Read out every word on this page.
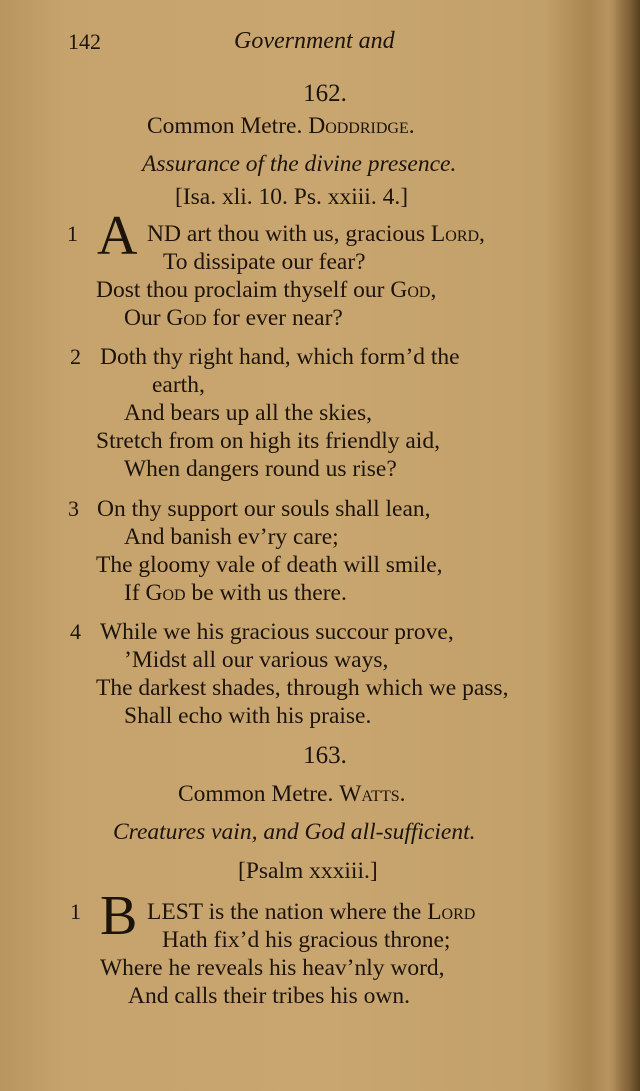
142	Government and
162.
Common Metre. Doddridge.
Assurance of the divine presence.
[Isa. xli. 10. Ps. xxiii. 4.]
A
1	ND art thou with us, gracious Lord,
To dissipate our fear?
Dost thou proclaim thyself our God,
Our God for ever near?
2 Doth thy right hand, which form’d the
earth,
And bears up all the skies,
Stretch from on high its friendly aid,
When dangers round us rise?
3 On thy support our souls shall lean,
And banish ev’ry care;
The gloomy vale of death will smile,
If God be with us there.
4 While we his gracious succour prove,
’Midst all our various ways,
The darkest shades, through which we pass,
Shall echo with his praise.
163.
Common Metre. Watts.
Creatures vain, and God all-sufficient.
[Psalm xxxiii.]
B
1	LEST is the nation where the Lord
Hath fix’d his gracious throne;
Where he reveals his heav’nly word,
And calls their tribes his own.
